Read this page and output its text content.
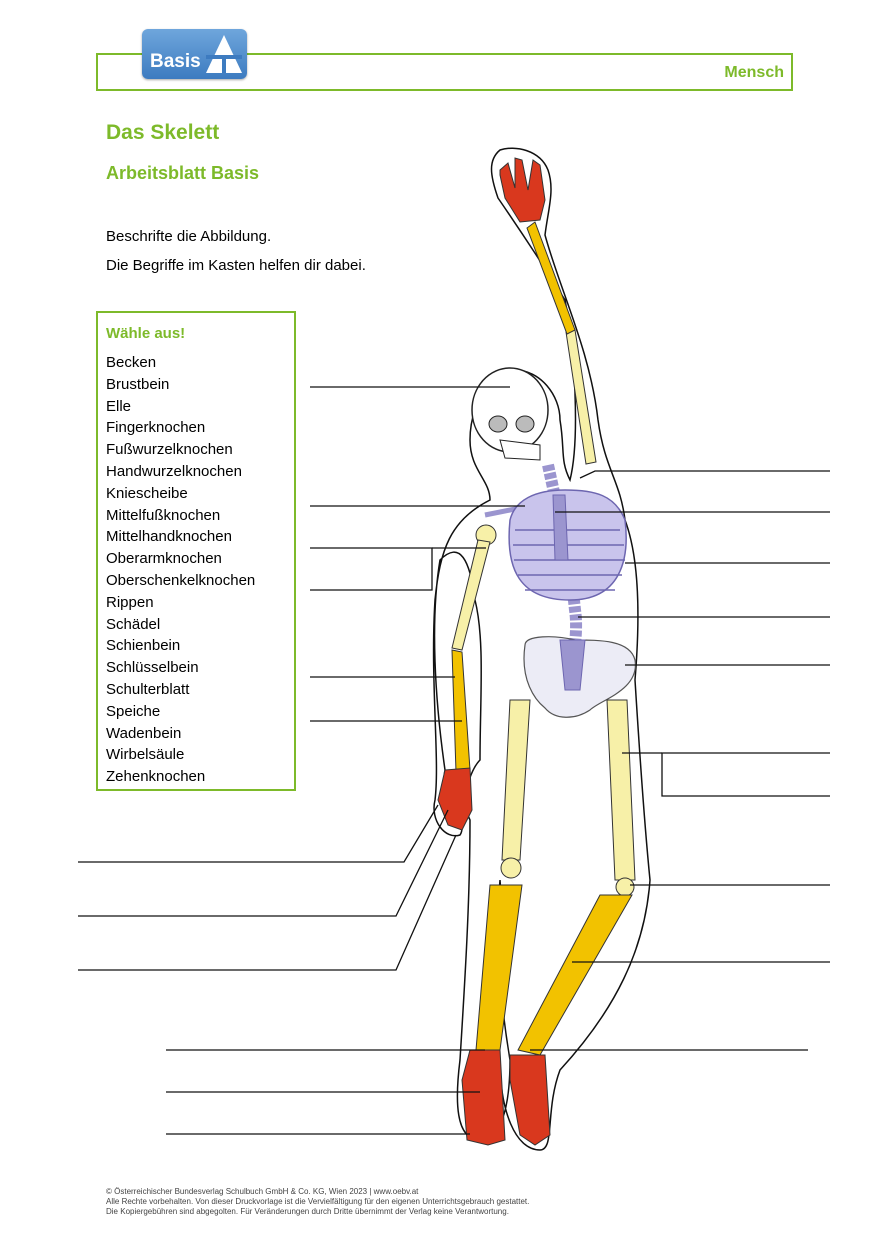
Basis
Mensch
Das Skelett
Arbeitsblatt Basis
Beschrifte die Abbildung.
Die Begriffe im Kasten helfen dir dabei.
Wähle aus!
Becken
Brustbein
Elle
Fingerknochen
Fußwurzelknochen
Handwurzelknochen
Kniescheibe
Mittelfußknochen
Mittelhandknochen
Oberarmknochen
Oberschenkelknochen
Rippen
Schädel
Schienbein
Schlüsselbein
Schulterblatt
Speiche
Wadenbein
Wirbelsäule
Zehenknochen
© Österreichischer Bundesverlag Schulbuch GmbH & Co. KG, Wien 2023 | www.oebv.at
Alle Rechte vorbehalten. Von dieser Druckvorlage ist die Vervielfältigung für den eigenen Unterrichtsgebrauch gestattet.
Die Kopiergebühren sind abgegolten. Für Veränderungen durch Dritte übernimmt der Verlag keine Verantwortung.
